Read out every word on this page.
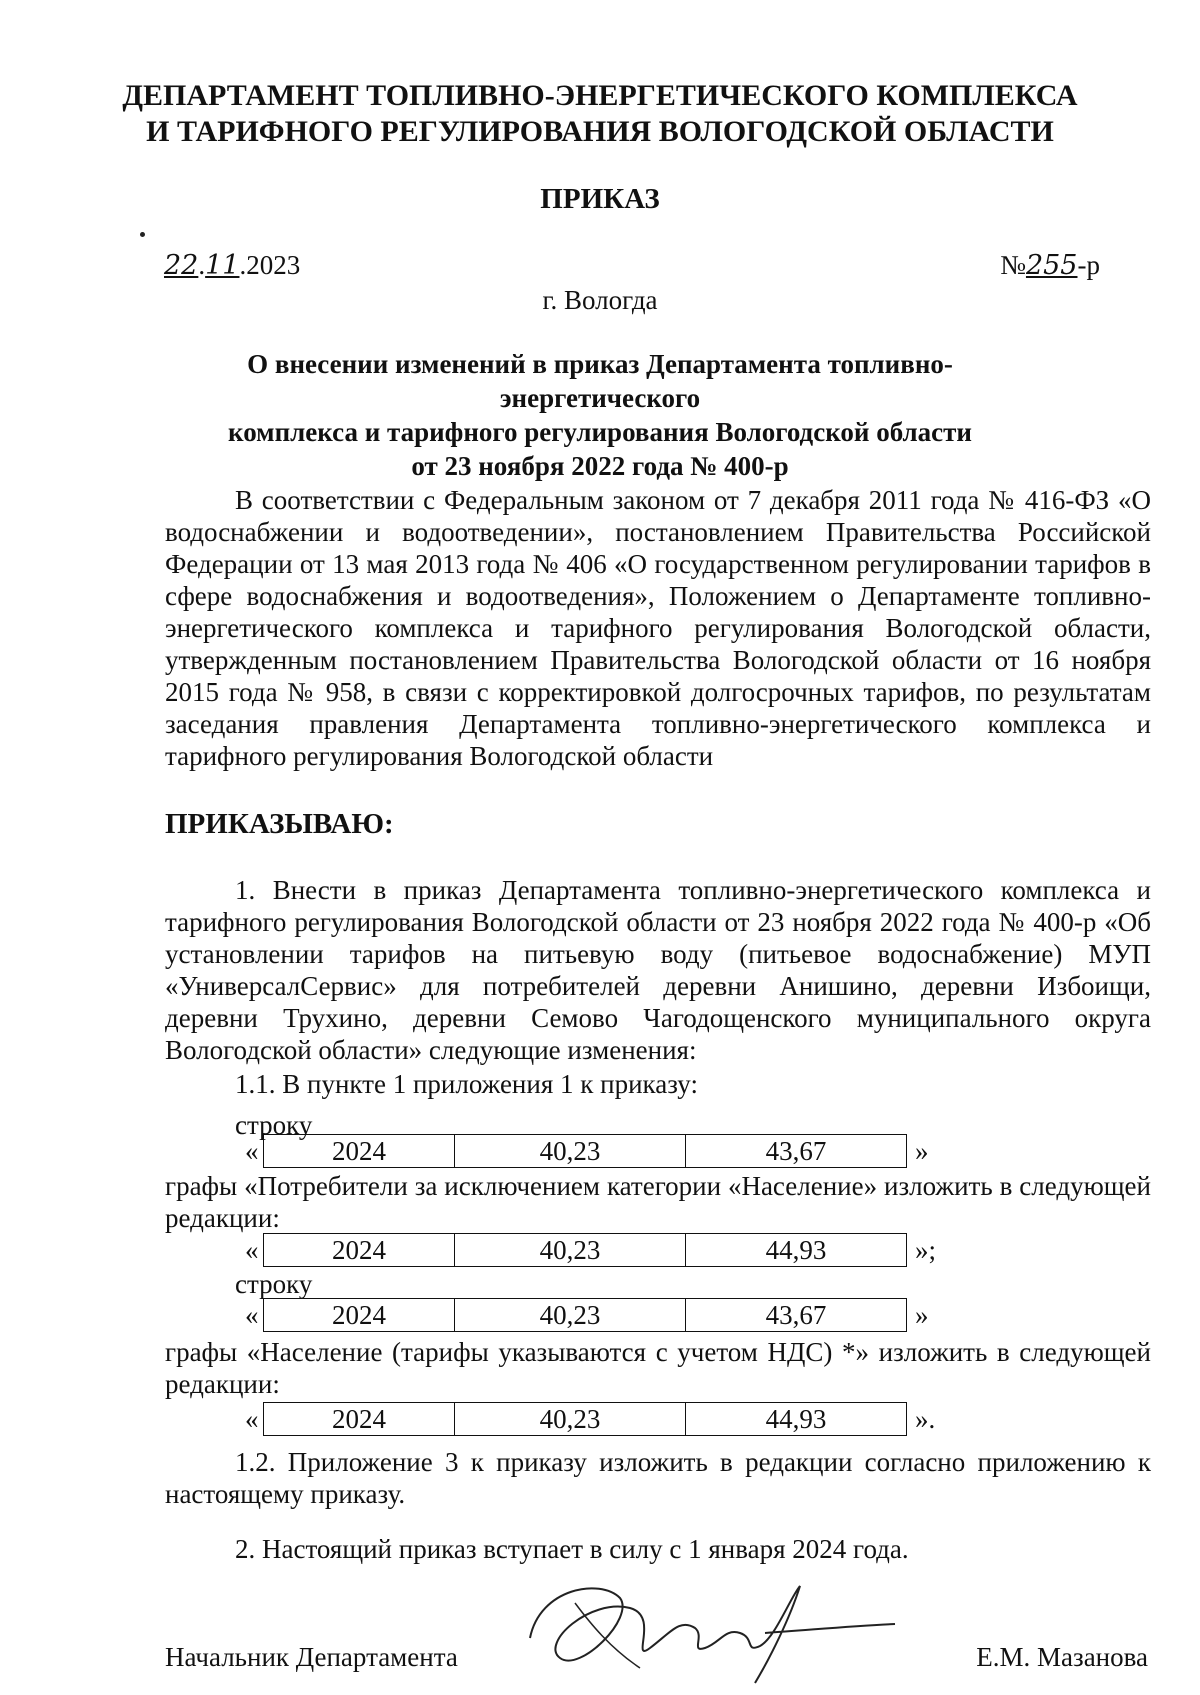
ДЕПАРТАМЕНТ ТОПЛИВНО-ЭНЕРГЕТИЧЕСКОГО КОМПЛЕКСА
И ТАРИФНОГО РЕГУЛИРОВАНИЯ ВОЛОГОДСКОЙ ОБЛАСТИ
ПРИКАЗ
22.11.2023	№255-р
г. Вологда
О внесении изменений в приказ Департамента топливно-энергетического
комплекса и тарифного регулирования Вологодской области
от 23 ноября 2022 года № 400-р
В соответствии с Федеральным законом от 7 декабря 2011 года № 416-ФЗ «О водоснабжении и водоотведении», постановлением Правительства Российской Федерации от 13 мая 2013 года № 406 «О государственном регулировании тарифов в сфере водоснабжения и водоотведения», Положением о Департаменте топливно-энергетического комплекса и тарифного регулирования Вологодской области, утвержденным постановлением Правительства Вологодской области от 16 ноября 2015 года № 958, в связи с корректировкой долгосрочных тарифов, по результатам заседания правления Департамента топливно-энергетического комплекса и тарифного регулирования Вологодской области
ПРИКАЗЫВАЮ:
1. Внести в приказ Департамента топливно-энергетического комплекса и тарифного регулирования Вологодской области от 23 ноября 2022 года № 400-р «Об установлении тарифов на питьевую воду (питьевое водоснабжение) МУП «УниверсалСервис» для потребителей деревни Анишино, деревни Избоищи, деревни Трухино, деревни Семово Чагодощенского муниципального округа Вологодской области» следующие изменения:
1.1. В пункте 1 приложения 1 к приказу:
строку
«	2024	40,23	43,67	»
графы «Потребители за исключением категории «Население» изложить в следующей редакции:
«	2024	40,23	44,93	»;
строку
«	2024	40,23	43,67	»
графы «Население (тарифы указываются с учетом НДС) *» изложить в следующей редакции:
«	2024	40,23	44,93	».
1.2. Приложение 3 к приказу изложить в редакции согласно приложению к настоящему приказу.
2. Настоящий приказ вступает в силу с 1 января 2024 года.
Начальник Департамента	Е.М. Мазанова
